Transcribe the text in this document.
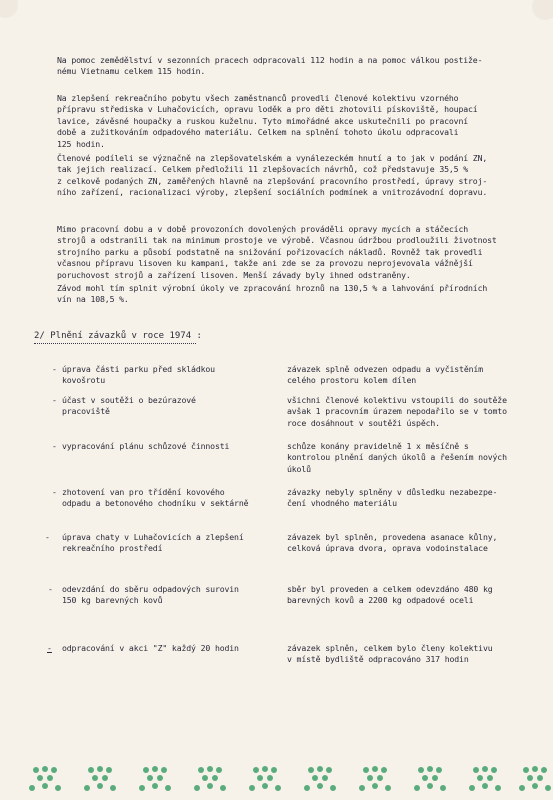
Na pomoc zemědělství v sezonních pracech odpracovali 112 hodin a na pomoc válkou postiže-
nému Vietnamu celkem 115 hodin.

Na zlepšení rekreačního pobytu všech zaměstnanců provedli členové kolektivu vzorného
přípravu střediska v Luhačovicích, opravu loděk a pro děti zhotovili pískoviště, houpací
lavice, závěsné houpačky a ruskou kuželnu. Tyto mimořádné akce uskutečnili po pracovní
době a zužitkováním odpadového materiálu. Celkem na splnění tohoto úkolu odpracovali
125 hodin.

Členové podíleli se význačně na zlepšovatelském a vynálezeckém hnutí a to jak v podání ZN,
tak jejich realizací. Celkem předložili 11 zlepšovacích návrhů, což představuje 35,5 %
z celkově podaných ZN, zaměřených hlavně na zlepšování pracovního prostředí, úpravy stroj-
ního zařízení, racionalizaci výroby, zlepšení sociálních podmínek a vnitrozávodní dopravu.

Mimo pracovní dobu a v době provozoních dovolených prováděli opravy mycích a stáčecích
strojů a odstranili tak na minimum prostoje ve výrobě. Včasnou údržbou prodloužili životnost
strojního parku a působí podstatně na snižování pořizovacích nákladů. Rovněž tak provedli
včasnou přípravu lisoven ku kampani, takže ani zde se za provozu neprojevovala vážnější
poruchovost strojů a zařízení lisoven. Menší závady byly ihned odstraněny.

Závod mohl tím splnit výrobní úkoly ve zpracování hroznů na 130,5 % a lahvování přírodních
vín na 108,5 %.

2/ Plnění závazků v roce 1974 :

- úprava části parku před skládkou
kovošrotu
závazek splně odvezen odpadu a vyčistěním
celého prostoru kolem dílen
- účast v soutěži o bezúrazové
pracoviště
všichni členové kolektivu vstoupili do soutěže
avšak 1 pracovním úrazem nepodařilo se v tomto
roce dosáhnout v soutěži úspěch.
- vypracování plánu schůzové činnosti	schůze konány pravidelně 1 x měsíčně s
kontrolou plnění daných úkolů a řešením nových
úkolů
- zhotovení van pro třídění kovového
odpadu a betonového chodníku v sektárně
závazky nebyly splněny v důsledku nezabezpe-
čení vhodného materiálu
- úprava chaty v Luhačovicích a zlepšení
rekreačního prostředí
závazek byl splněn, provedena asanace kůlny,
celková úprava dvora, oprava vodoinstalace
- odevzdání do sběru odpadových surovin
150 kg barevných kovů
sběr byl proveden a celkem odevzdáno 480 kg
barevných kovů a 2200 kg odpadové oceli
- odpracování v akci "Z" každý 20 hodin	závazek splněn, celkem bylo členy kolektivu
v místě bydliště odpracováno 317 hodin
